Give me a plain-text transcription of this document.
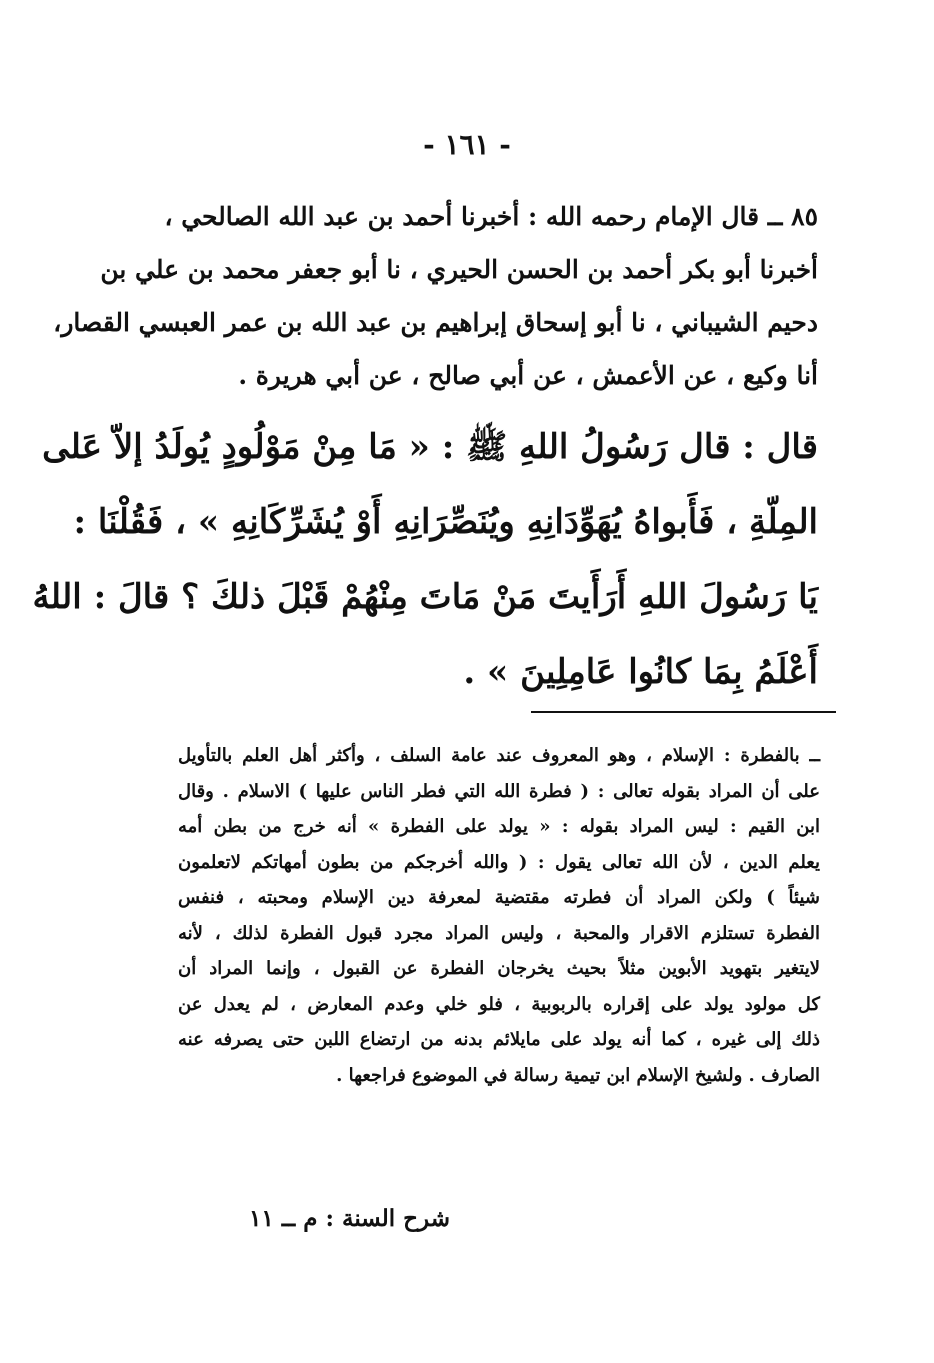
- ١٦١ -
٨٥ ــ قال الإمام رحمه الله : أخبرنا أحمد بن عبد الله الصالحي ،
أخبرنا أبو بكر أحمد بن الحسن الحيري ، نا أبو جعفر محمد بن علي بن
دحيم الشيباني ، نا أبو إسحاق إبراهيم بن عبد الله بن عمر العبسي القصار،
أنا وكيع ، عن الأعمش ، عن أبي صالح ، عن أبي هريرة .
قال : قال رَسُولُ اللهِ ﷺ : « مَا مِنْ مَوْلُودٍ يُولَدُ إلاّ عَلى
المِلّةِ ، فَأَبواهُ يُهَوِّدَانِهِ ويُنَصِّرَانِهِ أَوْ يُشَرِّكَانِهِ » ، فَقُلْنَا :
يَا رَسُولَ اللهِ أَرَأَيتَ مَنْ مَاتَ مِنْهُمْ قَبْلَ ذلكَ ؟ قالَ : اللهُ
أَعْلَمُ بِمَا كانُوا عَامِلِينَ » .
ــ بالفطرة : الإسلام ، وهو المعروف عند عامة السلف ، وأكثر أهل العلم بالتأويل
على أن المراد بقوله تعالى : ( فطرة الله التي فطر الناس عليها ) الاسلام . وقال
ابن القيم : ليس المراد بقوله : « يولد على الفطرة » أنه خرج من بطن أمه
يعلم الدين ، لأن الله تعالى يقول : ( والله أخرجكم من بطون أمهاتكم لاتعلمون
شيئاً ) ولكن المراد أن فطرته مقتضية لمعرفة دين الإسلام ومحبته ، فنفس
الفطرة تستلزم الاقرار والمحبة ، وليس المراد مجرد قبول الفطرة لذلك ، لأنه
لايتغير بتهويد الأبوين مثلاً بحيث يخرجان الفطرة عن القبول ، وإنما المراد أن
كل مولود يولد على إقراره بالربوبية ، فلو خلي وعدم المعارض ، لم يعدل عن
ذلك إلى غيره ، كما أنه يولد على مايلائم بدنه من ارتضاع اللبن حتى يصرفه عنه
الصارف . ولشيخ الإسلام ابن تيمية رسالة في الموضوع فراجعها .
شرح السنة : م ــ ١١
